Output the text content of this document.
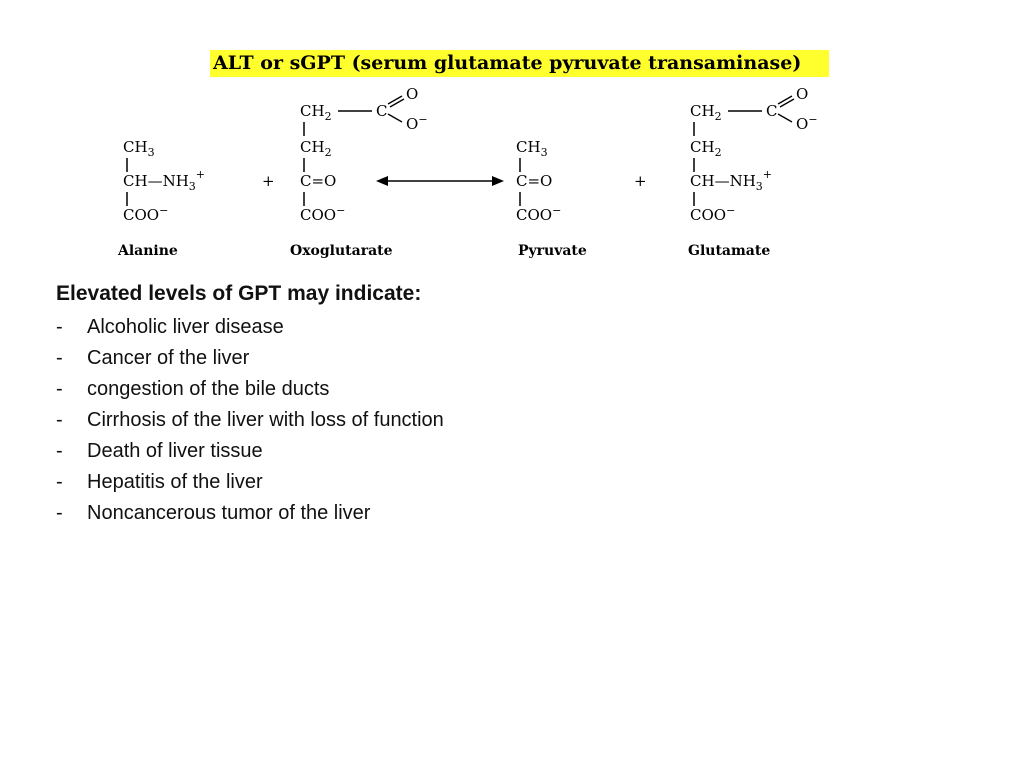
ALT or sGPT (serum glutamate pyruvate transaminase)
$CH_3$
$CH—NH_3^+$
COO−
Alanine
+
$CH_2$	C
O
O−
$CH_2$
C=O
COO−
Oxoglutarate
$CH_3$
C=O
COO−
Pyruvate
+
$CH_2$	C
O
O−
$CH_2$
$CH—NH_3^+$
COO−
Glutamate
Elevated levels of GPT may indicate:
-	Alcoholic liver disease
-	Cancer of the liver
-	congestion of the bile ducts
-	Cirrhosis of the liver with loss of function
-	Death of liver tissue
-	Hepatitis of the liver
-	Noncancerous tumor of the liver
